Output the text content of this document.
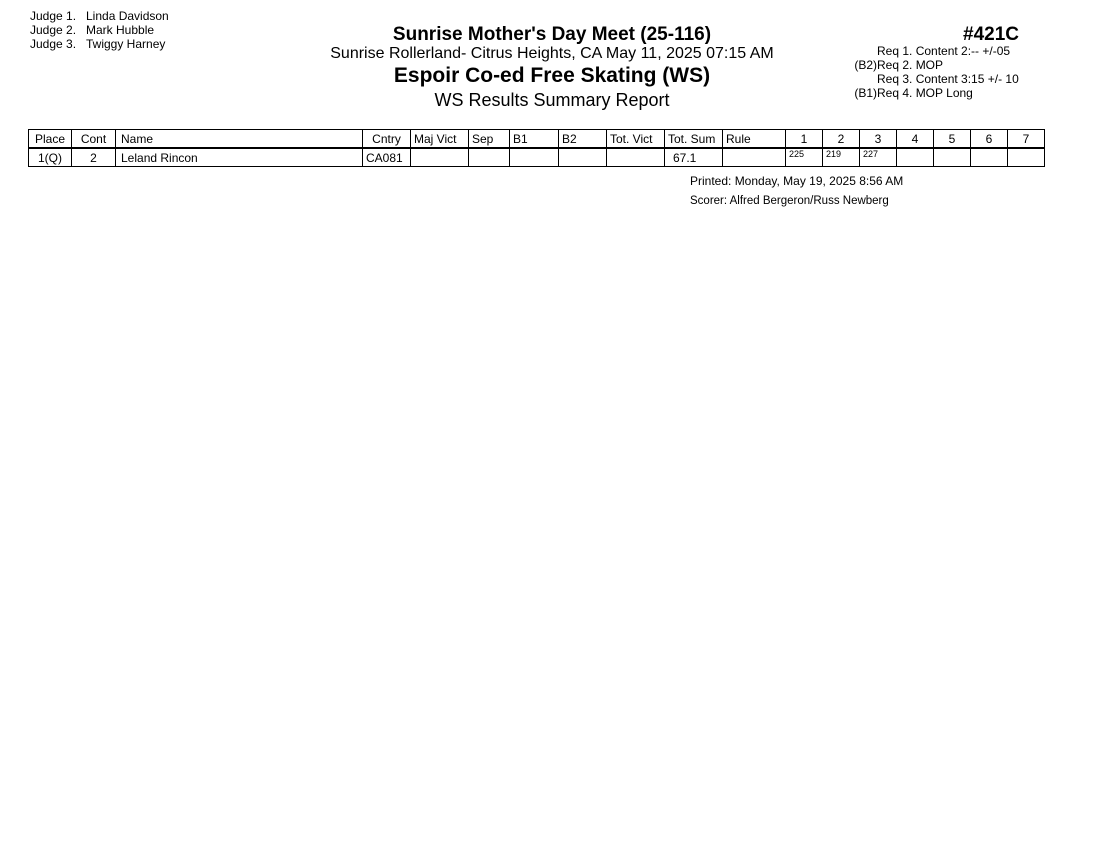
Judge 1. Linda Davidson
Judge 2. Mark Hubble
Judge 3. Twiggy Harney	Sunrise Mother's Day Meet (25-116)
Sunrise Rollerland- Citrus Heights, CA May 11, 2025 07:15 AM
Espoir Co-ed Free Skating (WS)
WS Results Summary Report
#421C
Req 1. Content 2:-- +/-05
(B2) Req 2. MOP
Req 3. Content 3:15 +/- 10
(B1) Req 4. MOP Long
Place	Cont	Name	Cntry	Maj Vict	Sep	B1	B2	Tot. Vict	Tot. Sum	Rule	1	2	3	4	5	6	7
1(Q)	2	Leland Rincon	CA081						67.1		225	219	227				
Printed: Monday, May 19, 2025 8:56 AM
Scorer: Alfred Bergeron/Russ Newberg
